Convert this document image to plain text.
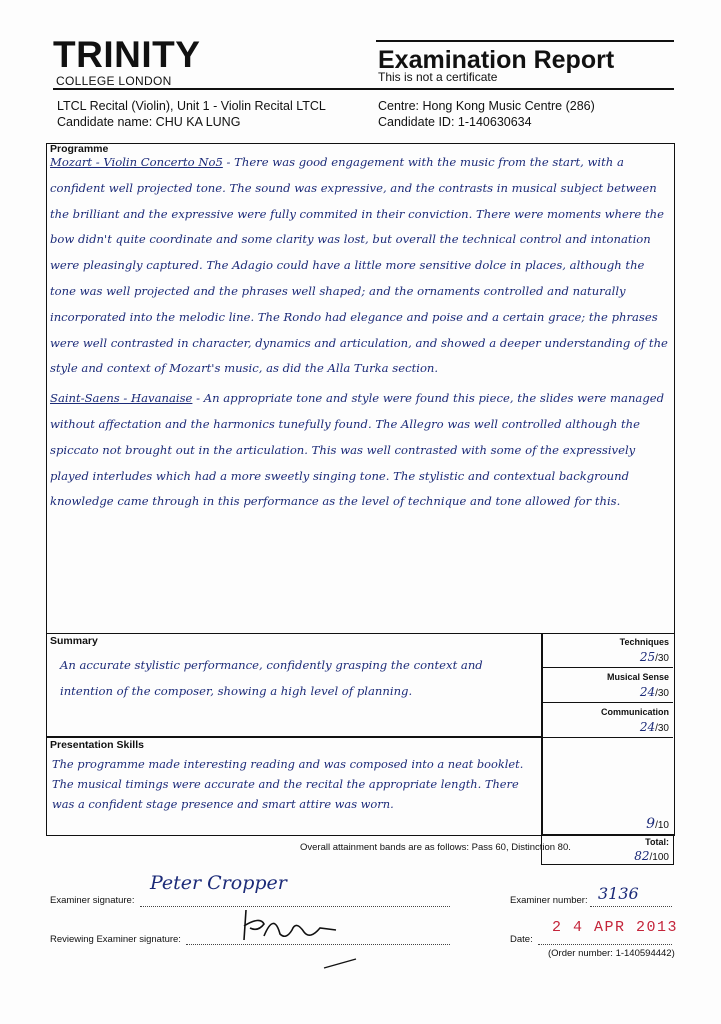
TRINITY
COLLEGE LONDON
Examination Report
This is not a certificate
LTCL Recital (Violin), Unit 1 - Violin Recital LTCL
Candidate name: CHU KA LUNG
Centre: Hong Kong Music Centre (286)
Candidate ID: 1-140630634
Programme
Mozart - Violin Concerto No5 - There was good engagement with the music from the start, with a confident well projected tone. The sound was expressive, and the contrasts in musical subject between the brilliant and the expressive were fully commited in their conviction. There were moments where the bow didn't quite coordinate and some clarity was lost, but overall the technical control and intonation were pleasingly captured. The Adagio could have a little more sensitive dolce in places, although the tone was well projected and the phrases well shaped; and the ornaments controlled and naturally incorporated into the melodic line. The Rondo had elegance and poise and a certain grace; the phrases were well contrasted in character, dynamics and articulation, and showed a deeper understanding of the style and context of Mozart's music, as did the Alla Turka section.
Saint-Saens - Havanaise - An appropriate tone and style were found this piece, the slides were managed without affectation and the harmonics tunefully found. The Allegro was well controlled although the spiccato not brought out in the articulation. This was well contrasted with some of the expressively played interludes which had a more sweetly singing tone. The stylistic and contextual background knowledge came through in this performance as the level of technique and tone allowed for this.
Summary
An accurate stylistic performance, confidently grasping the context and intention of the composer, showing a high level of planning.
Presentation Skills
The programme made interesting reading and was composed into a neat booklet. The musical timings were accurate and the recital the appropriate length. There was a confident stage presence and smart attire was worn.
Techniques
25/30
Musical Sense
24/30
Communication
24/30
9/10
Total:
82/100
Overall attainment bands are as follows: Pass 60, Distinction 80.
Examiner signature:
Peter Cropper
Examiner number: 3136
Reviewing Examiner signature:	Date:
2 4 APR 2013
(Order number: 1-140594442)
